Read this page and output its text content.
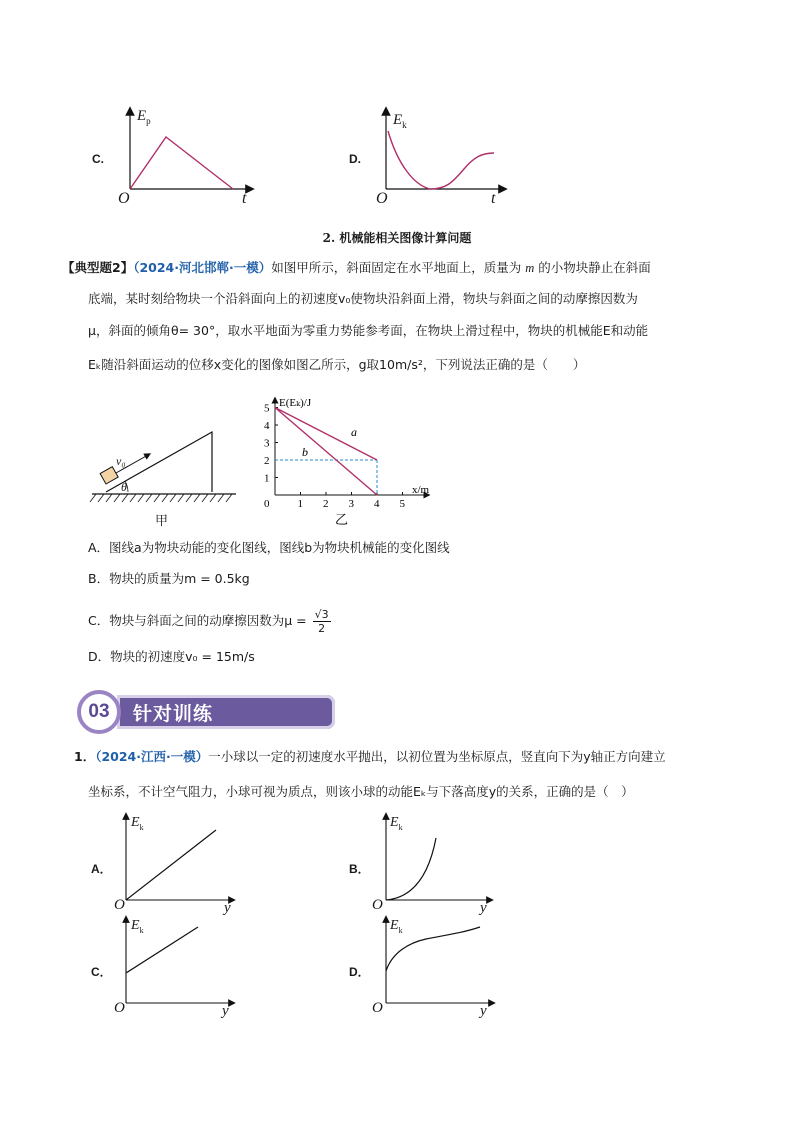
C.
$E_p$
O	t
D.
$E_k$
O	t
2. 机械能相关图像计算问题
【典型题2】（2024·河北邯郸·一模）如图甲所示，斜面固定在水平地面上，质量为 m 的小物块静止在斜面
底端，某时刻给物块一个沿斜面向上的初速度v₀使物块沿斜面上滑，物块与斜面之间的动摩擦因数为
μ，斜面的倾角θ= 30°，取水平地面为零重力势能参考面，在物块上滑过程中，物块的机械能E和动能
Eₖ随沿斜面运动的位移x变化的图像如图乙所示，g取10m/s²，下列说法正确的是（　　）
v₀
θ
甲
1 2 3 4 5
1
2
3
4
5
a
b
E(Eₖ)/J
x/m
0
乙
A．图线a为物块动能的变化图线，图线b为物块机械能的变化图线
B．物块的质量为m = 0.5kg
C．物块与斜面之间的动摩擦因数为$\mu = \frac{√3}{2}$
D．物块的初速度v₀ = 15m/s
针对训练
03
1．（2024·江西·一模）一小球以一定的初速度水平抛出，以初位置为坐标原点，竖直向下为y轴正方向建立
坐标系，不计空气阻力，小球可视为质点，则该小球的动能Eₖ与下落高度y的关系，正确的是（　）
A．
$E_k$
O	y
B．
$E_k$
O	y
C．
$E_k$
O	y
D．
$E_k$
O	y
